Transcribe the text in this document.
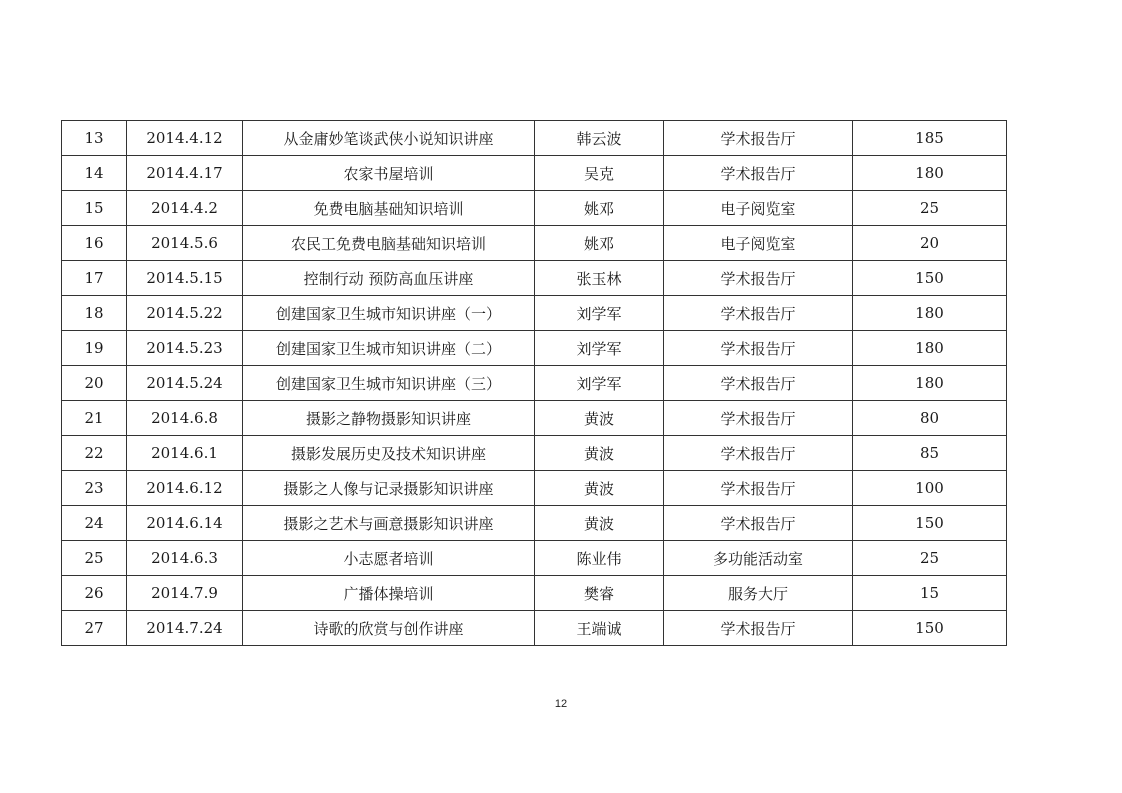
13	2014.4.12	从金庸妙笔谈武侠小说知识讲座	韩云波	学术报告厅	185
14	2014.4.17	农家书屋培训	吴克	学术报告厅	180
15	2014.4.2	免费电脑基础知识培训	姚邓	电子阅览室	25
16	2014.5.6	农民工免费电脑基础知识培训	姚邓	电子阅览室	20
17	2014.5.15	控制行动 预防高血压讲座	张玉林	学术报告厅	150
18	2014.5.22	创建国家卫生城市知识讲座（一）	刘学军	学术报告厅	180
19	2014.5.23	创建国家卫生城市知识讲座（二）	刘学军	学术报告厅	180
20	2014.5.24	创建国家卫生城市知识讲座（三）	刘学军	学术报告厅	180
21	2014.6.8	摄影之静物摄影知识讲座	黄波	学术报告厅	80
22	2014.6.1	摄影发展历史及技术知识讲座	黄波	学术报告厅	85
23	2014.6.12	摄影之人像与记录摄影知识讲座	黄波	学术报告厅	100
24	2014.6.14	摄影之艺术与画意摄影知识讲座	黄波	学术报告厅	150
25	2014.6.3	小志愿者培训	陈业伟	多功能活动室	25
26	2014.7.9	广播体操培训	樊睿	服务大厅	15
27	2014.7.24	诗歌的欣赏与创作讲座	王端诚	学术报告厅	150
12
